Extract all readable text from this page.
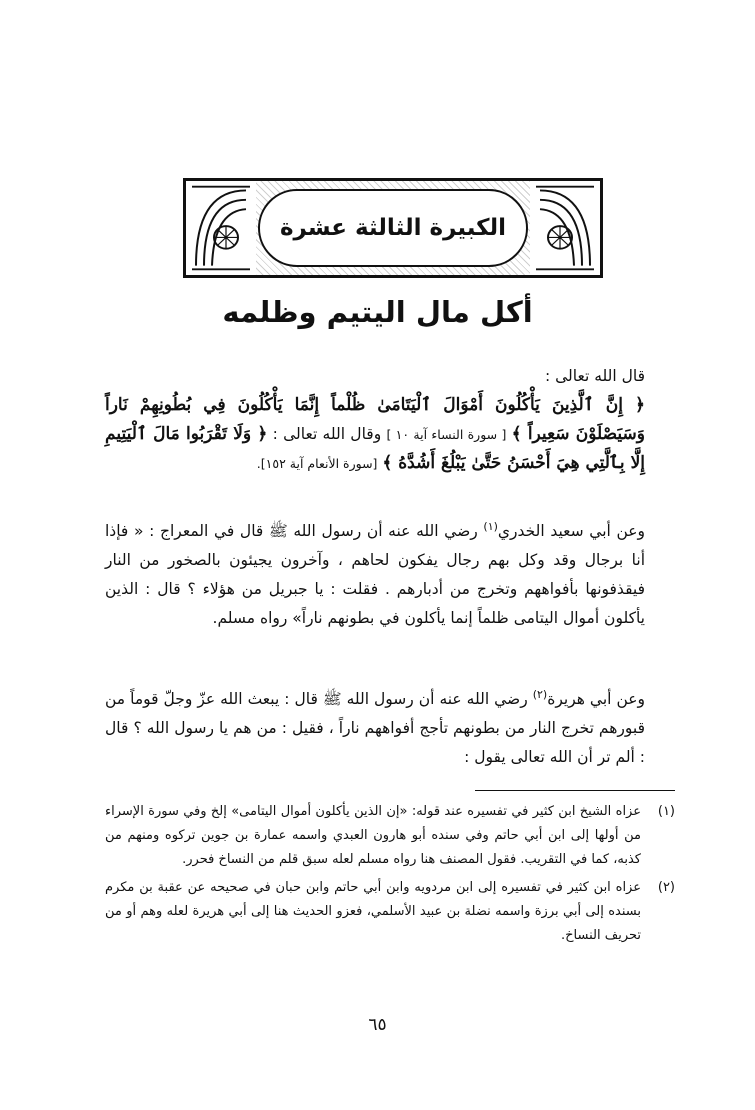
الكبيرة الثالثة عشرة
أكل مال اليتيم وظلمه

قال الله تعالى :

﴿ إِنَّ ٱلَّذِينَ يَأْكُلُونَ أَمْوَالَ ٱلْيَتَامَىٰ ظُلْماً إِنَّمَا يَأْكُلُونَ فِي بُطُونِهِمْ نَاراً وَسَيَصْلَوْنَ سَعِيراً ﴾ [ سورة النساء آية ١٠ ] وقال الله تعالى : ﴿ وَلَا تَقْرَبُوا مَالَ ٱلْيَتِيمِ إِلَّا بِٱلَّتِي هِيَ أَحْسَنُ حَتَّىٰ يَبْلُغَ أَشُدَّهُ ﴾ [سورة الأنعام آية ١٥٢].

وعن أبي سعيد الخدري$^{(١)}$ رضي الله عنه أن رسول الله ﷺ قال في المعراج : « فإذا أنا برجال وقد وكل بهم رجال يفكون لحاهم ، وآخرون يجيئون بالصخور من النار فيقذفونها بأفواههم وتخرج من أدبارهم . فقلت : يا جبريل من هؤلاء ؟ قال : الذين يأكلون أموال اليتامى ظلماً إنما يأكلون في بطونهم ناراً» رواه مسلم.

وعن أبي هريرة$^{(٢)}$ رضي الله عنه أن رسول الله ﷺ قال : يبعث الله عزّ وجلّ قوماً من قبورهم تخرج النار من بطونهم تأجج أفواههم ناراً ، فقيل : من هم يا رسول الله ؟ قال : ألم تر أن الله تعالى يقول :

(١)
عزاه الشيخ ابن كثير في تفسيره عند قوله: «إن الذين يأكلون أموال اليتامى» إلخ وفي سورة الإسراء من أولها إلى ابن أبي حاتم وفي سنده أبو هارون العبدي واسمه عمارة بن جوين تركوه ومنهم من كذبه، كما في التقريب. فقول المصنف هنا رواه مسلم لعله سبق قلم من النساخ فحرر.
(٢)
عزاه ابن كثير في تفسيره إلى ابن مردويه وابن أبي حاتم وابن حبان في صحيحه عن عقبة بن مكرم بسنده إلى أبي برزة واسمه نضلة بن عبيد الأسلمي، فعزو الحديث هنا إلى أبي هريرة لعله وهم أو من تحريف النساخ.
٦٥
